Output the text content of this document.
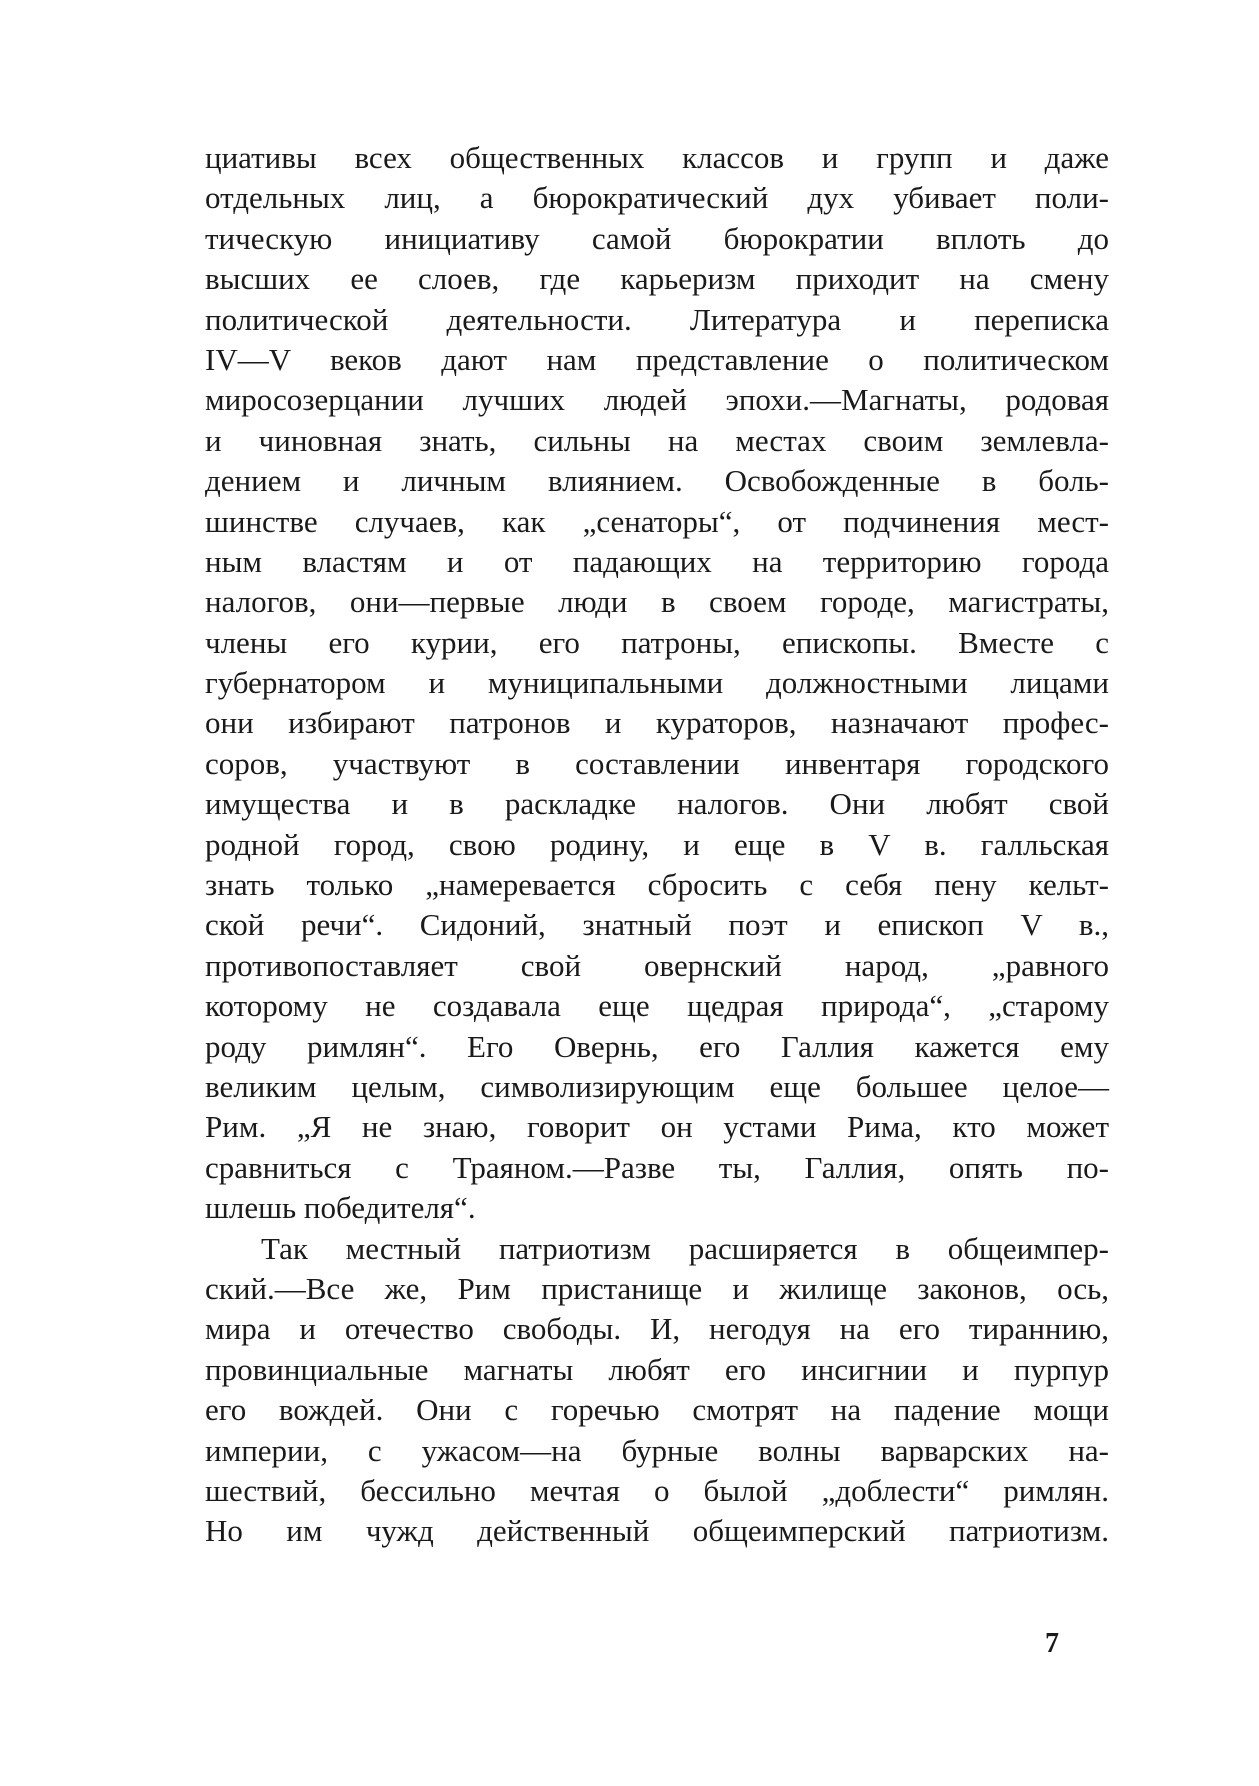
циативы всех общественных классов и групп и даже
отдельных лиц, а бюрократический дух убивает поли-
тическую инициативу самой бюрократии вплоть до
высших ее слоев, где карьеризм приходит на смену
политической деятельности. Литература и переписка
IV—V веков дают нам представление о политическом
миросозерцании лучших людей эпохи.—Магнаты, родовая
и чиновная знать, сильны на местах своим землевла-
дением и личным влиянием. Освобожденные в боль-
шинстве случаев, как „сенаторы“, от подчинения мест-
ным властям и от падающих на территорию города
налогов, они—первые люди в своем городе, магистраты,
члены его курии, его патроны, епископы. Вместе с
губернатором и муниципальными должностными лицами
они избирают патронов и кураторов, назначают профес-
соров, участвуют в составлении инвентаря городского
имущества и в раскладке налогов. Они любят свой
родной город, свою родину, и еще в V в. галльская
знать только „намеревается сбросить с себя пену кельт-
ской речи“. Сидоний, знатный поэт и епископ V в.,
противопоставляет свой овернский народ, „равного
которому не создавала еще щедрая природа“, „старому
роду римлян“. Его Овернь, его Галлия кажется ему
великим целым, символизирующим еще большее целое—
Рим. „Я не знаю, говорит он устами Рима, кто может
сравниться с Траяном.—Разве ты, Галлия, опять по-
шлешь победителя“.
Так местный патриотизм расширяется в общеимпер-
ский.—Все же, Рим пристанище и жилище законов, ось,
мира и отечество свободы. И, негодуя на его тираннию,
провинциальные магнаты любят его инсигнии и пурпур
его вождей. Они с горечью смотрят на падение мощи
империи, с ужасом—на бурные волны варварских на-
шествий, бессильно мечтая о былой „доблести“ римлян.
Но им чужд действенный общеимперский патриотизм.
7
